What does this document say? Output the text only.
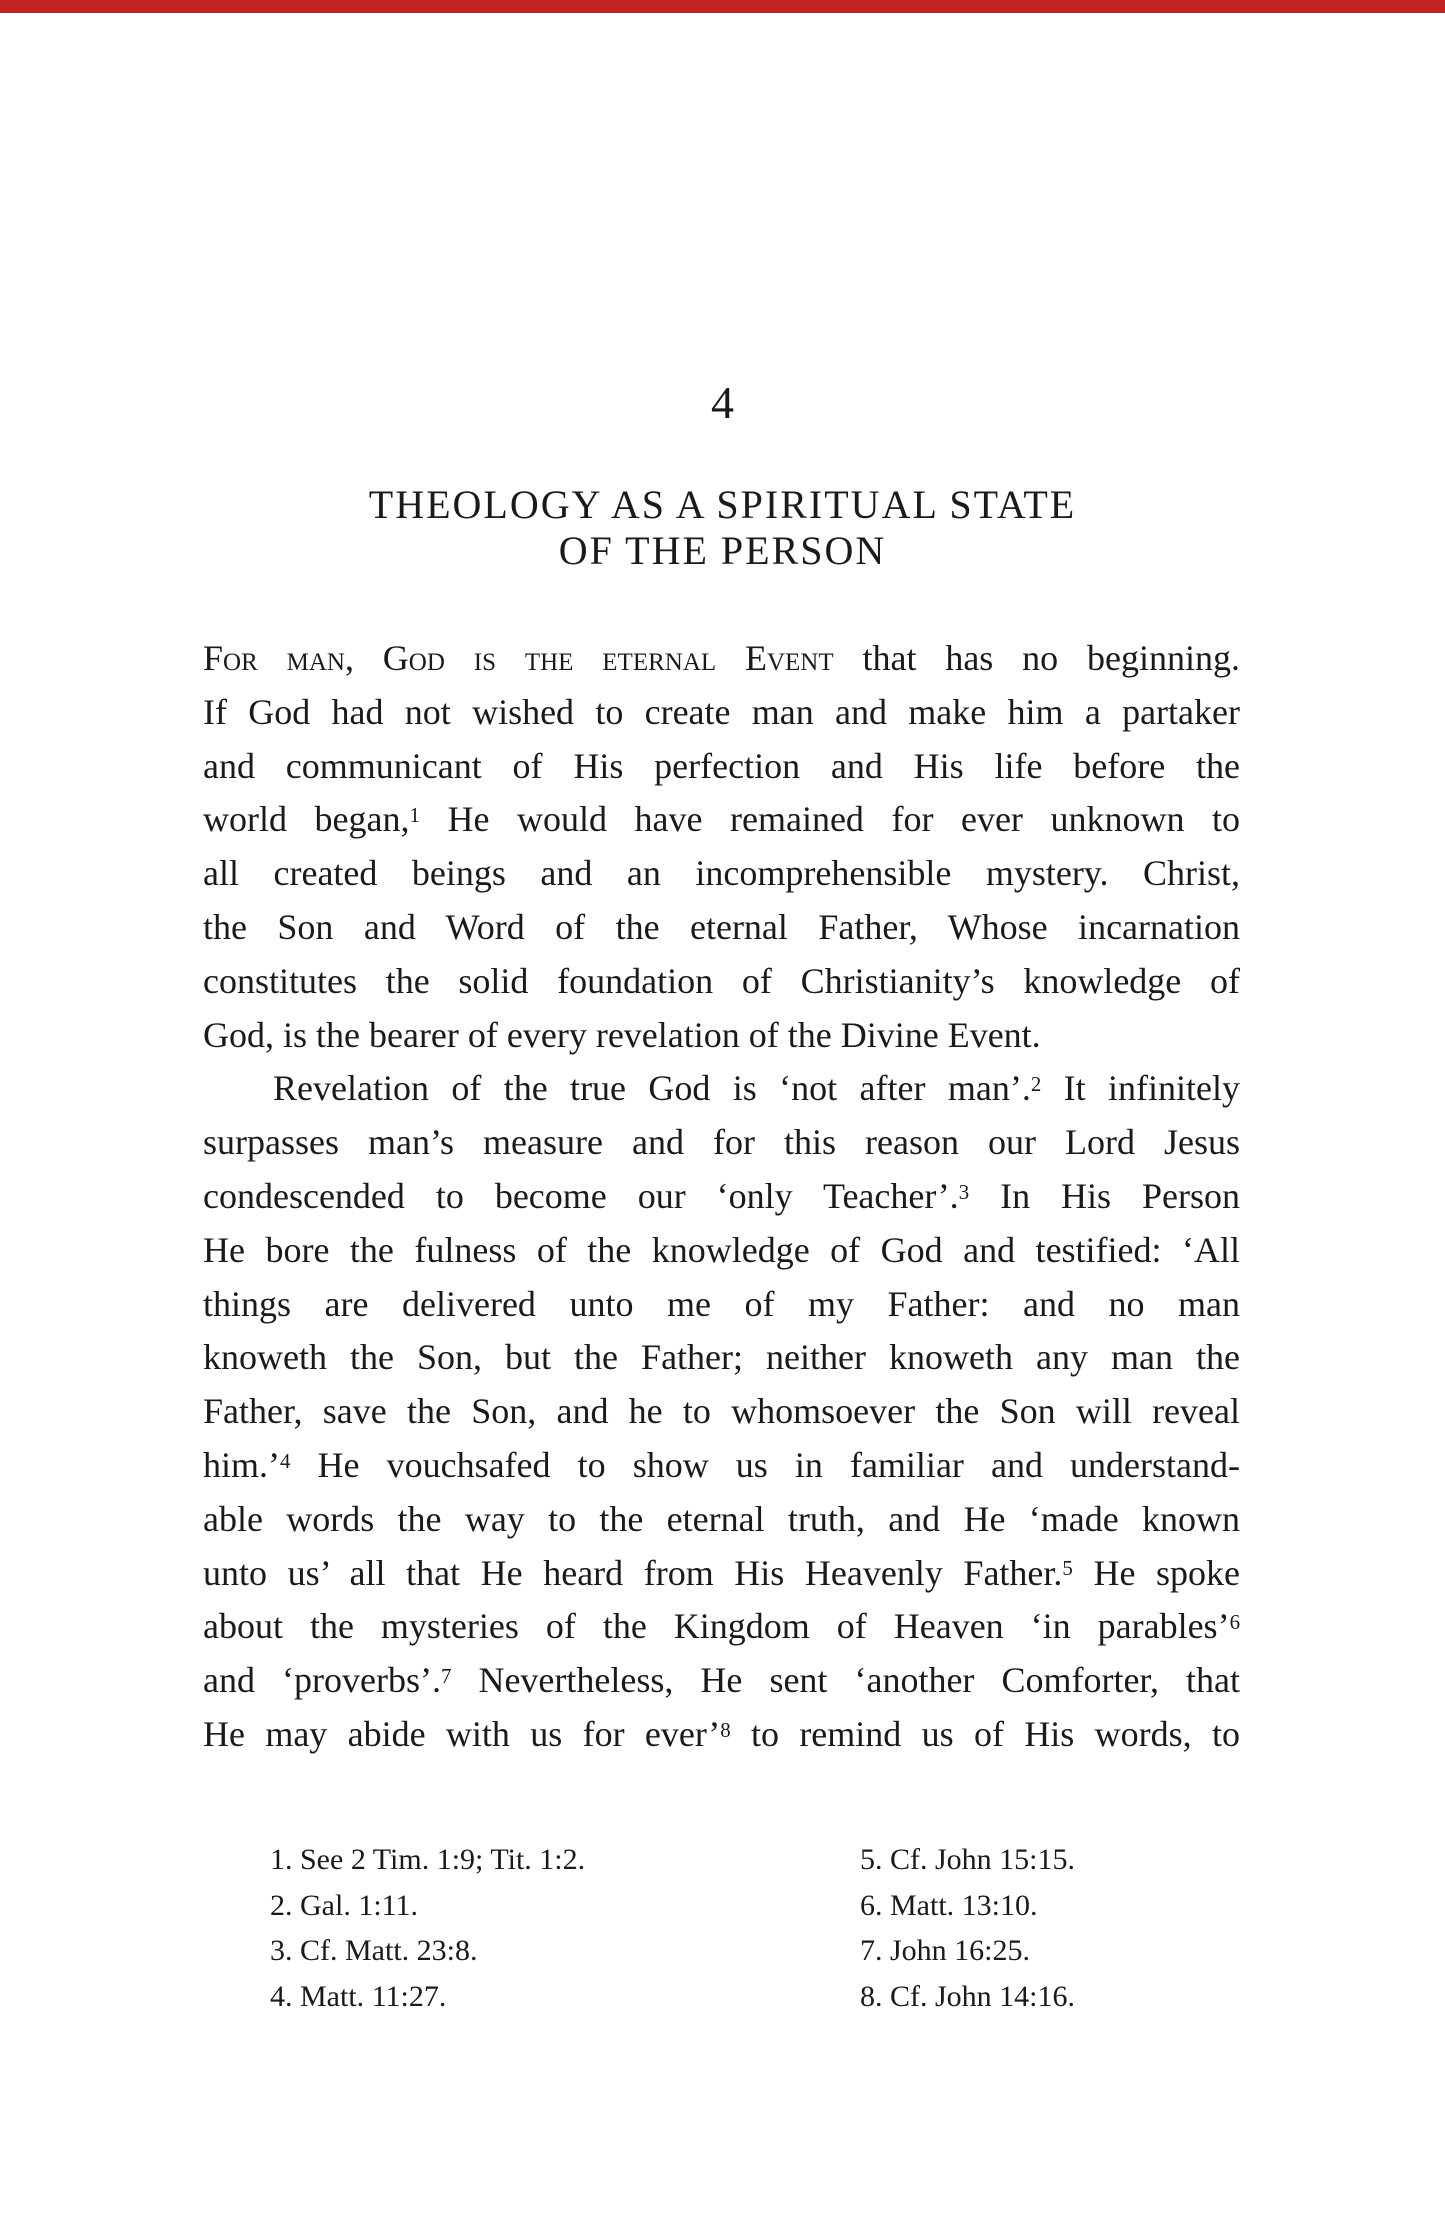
4
THEOLOGY AS A SPIRITUAL STATE
OF THE PERSON
For man, God is the eternal Event that has no beginning.
If God had not wished to create man and make him a partaker
and communicant of His perfection and His life before the
world began,$^1$ He would have remained for ever unknown to
all created beings and an incomprehensible mystery. Christ,
the Son and Word of the eternal Father, Whose incarnation
constitutes the solid foundation of Christianity’s knowledge of
God, is the bearer of every revelation of the Divine Event.
Revelation of the true God is ‘not after man’.$^2$ It infinitely
surpasses man’s measure and for this reason our Lord Jesus
condescended to become our ‘only Teacher’.$^3$ In His Person
He bore the fulness of the knowledge of God and testified: ‘All
things are delivered unto me of my Father: and no man
knoweth the Son, but the Father; neither knoweth any man the
Father, save the Son, and he to whomsoever the Son will reveal
him.’$^4$ He vouchsafed to show us in familiar and understand-
able words the way to the eternal truth, and He ‘made known
unto us’ all that He heard from His Heavenly Father.$^5$ He spoke
about the mysteries of the Kingdom of Heaven ‘in parables’$^6$
and ‘proverbs’.$^7$ Nevertheless, He sent ‘another Comforter, that
He may abide with us for ever’$^8$ to remind us of His words, to
1. See 2 Tim. 1:9; Tit. 1:2.
2. Gal. 1:11.
3. Cf. Matt. 23:8.
4. Matt. 11:27.
5. Cf. John 15:15.
6. Matt. 13:10.
7. John 16:25.
8. Cf. John 14:16.
